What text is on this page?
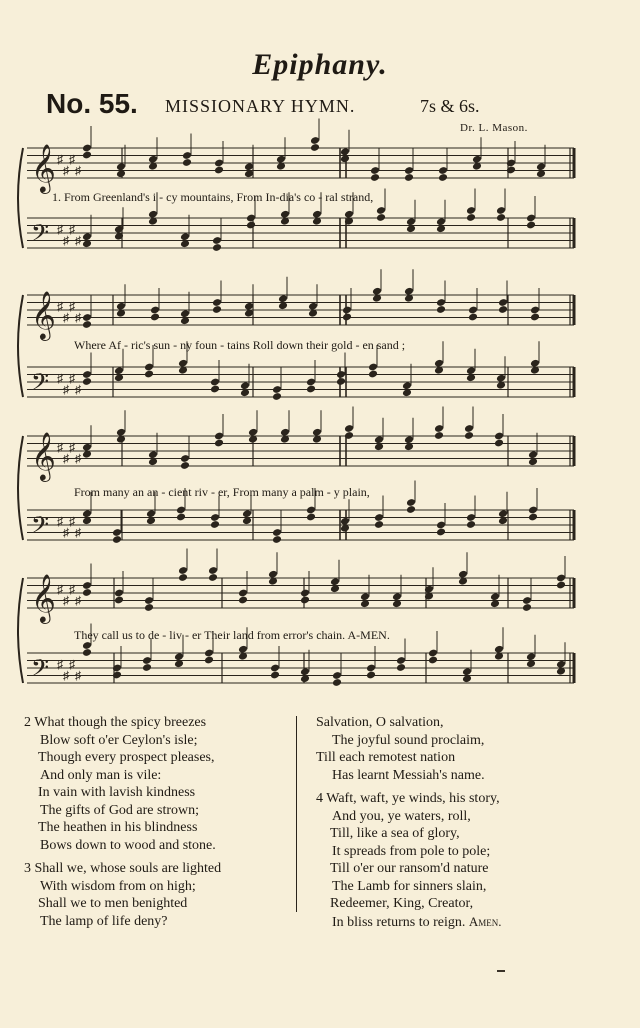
Epiphany.
No. 55. MISSIONARY HYMN.	7s & 6s.
Dr. L. Mason.
𝄞 ♯
♯
♯
♯
𝄢 ♯
♯
♯
♯
𝄞 ♯
♯
♯
♯
𝄢 ♯
♯
♯
♯
𝄞 ♯
♯
♯
♯
𝄢 ♯
♯
♯
♯
𝄞 ♯
♯
♯
♯
𝄢 ♯
♯
♯
♯
1. From Greenland's i - cy mountains, From In-dia's co - ral strand,
Where Af - ric's sun - ny foun - tains Roll down their gold - en sand ;
From many an an - cient riv - er, From many a palm - y plain,
They call us to de - liv - er Their land from error's chain. A-MEN.
2 What though the spicy breezes
Blow soft o'er Ceylon's isle;
Though every prospect pleases,
And only man is vile:
In vain with lavish kindness
The gifts of God are strown;
The heathen in his blindness
Bows down to wood and stone.
3 Shall we, whose souls are lighted
With wisdom from on high;
Shall we to men benighted
The lamp of life deny?
Salvation, O salvation,
The joyful sound proclaim,
Till each remotest nation
Has learnt Messiah's name.
4 Waft, waft, ye winds, his story,
And you, ye waters, roll,
Till, like a sea of glory,
It spreads from pole to pole;
Till o'er our ransom'd nature
The Lamb for sinners slain,
Redeemer, King, Creator,
In bliss returns to reign. Amen.
